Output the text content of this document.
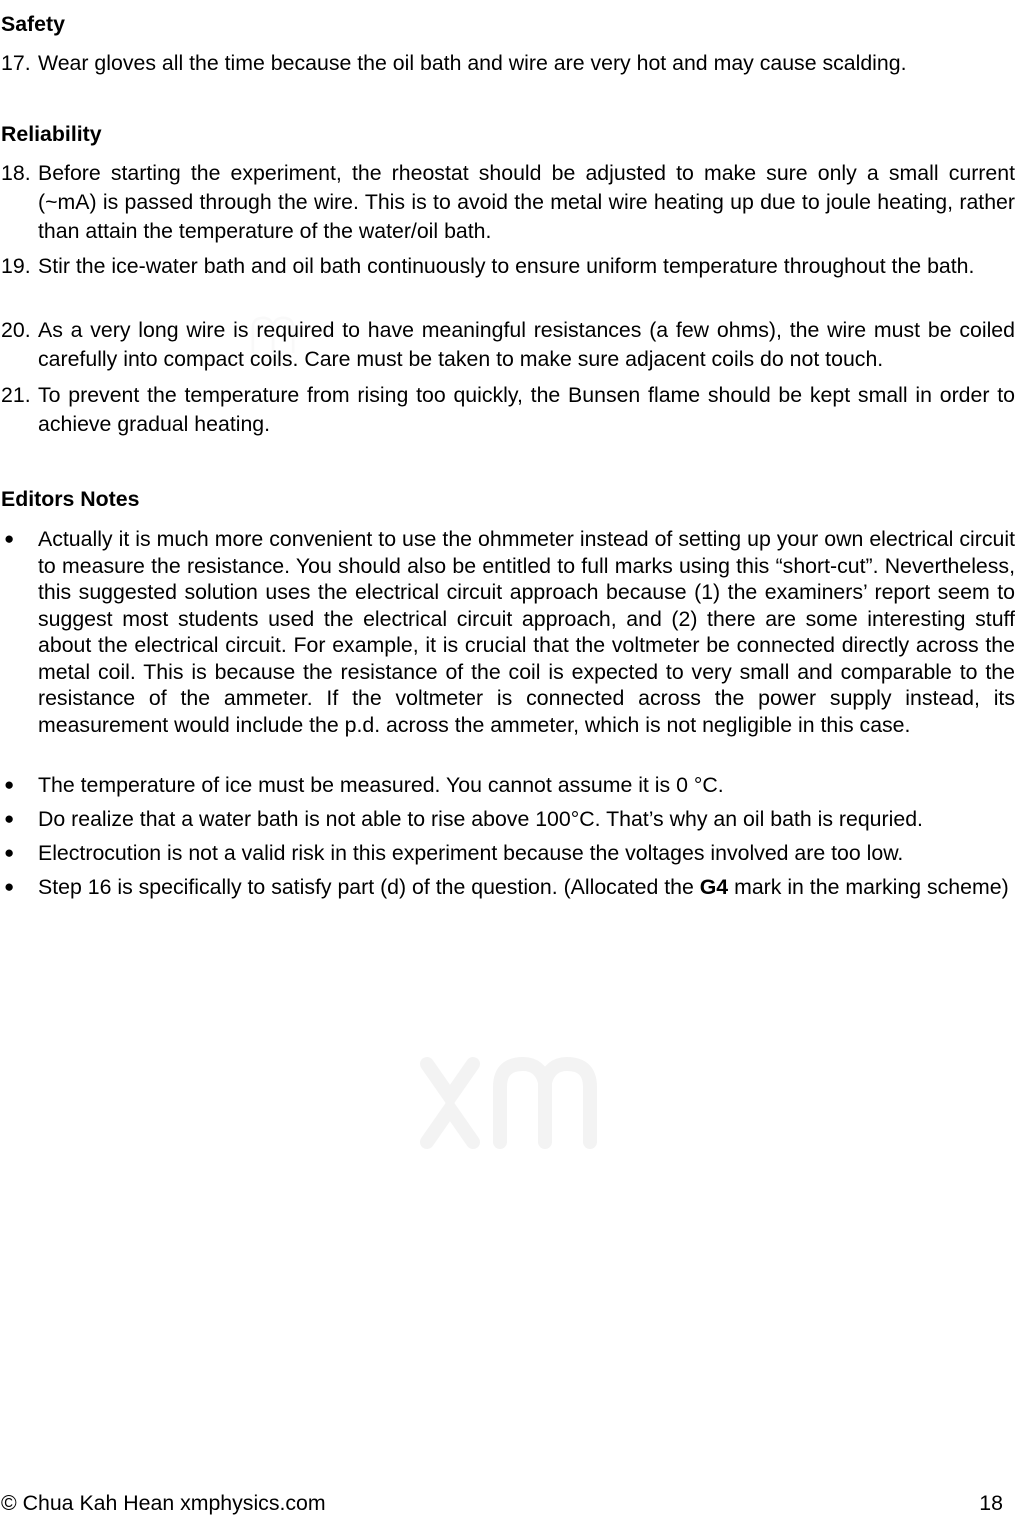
Safety
17. Wear gloves all the time because the oil bath and wire are very hot and may cause scalding.
Reliability
18. Before starting the experiment, the rheostat should be adjusted to make sure only a small current (~mA) is passed through the wire. This is to avoid the metal wire heating up due to joule heating, rather than attain the temperature of the water/oil bath.
19. Stir the ice-water bath and oil bath continuously to ensure uniform temperature throughout the bath.
20. As a very long wire is required to have meaningful resistances (a few ohms), the wire must be coiled carefully into compact coils. Care must be taken to make sure adjacent coils do not touch.
21. To prevent the temperature from rising too quickly, the Bunsen flame should be kept small in order to achieve gradual heating.
Editors Notes
● Actually it is much more convenient to use the ohmmeter instead of setting up your own electrical circuit to measure the resistance. You should also be entitled to full marks using this “short-cut”. Nevertheless, this suggested solution uses the electrical circuit approach because (1) the examiners’ report seem to suggest most students used the electrical circuit approach, and (2) there are some interesting stuff about the electrical circuit. For example, it is crucial that the voltmeter be connected directly across the metal coil. This is because the resistance of the coil is expected to very small and comparable to the resistance of the ammeter. If the voltmeter is connected across the power supply instead, its measurement would include the p.d. across the ammeter, which is not negligible in this case.
● The temperature of ice must be measured. You cannot assume it is 0 °C.
● Do realize that a water bath is not able to rise above 100°C. That’s why an oil bath is requried.
● Electrocution is not a valid risk in this experiment because the voltages involved are too low.
● Step 16 is specifically to satisfy part (d) of the question. (Allocated the G4 mark in the marking scheme)
© Chua Kah Hean xmphysics.com	18
